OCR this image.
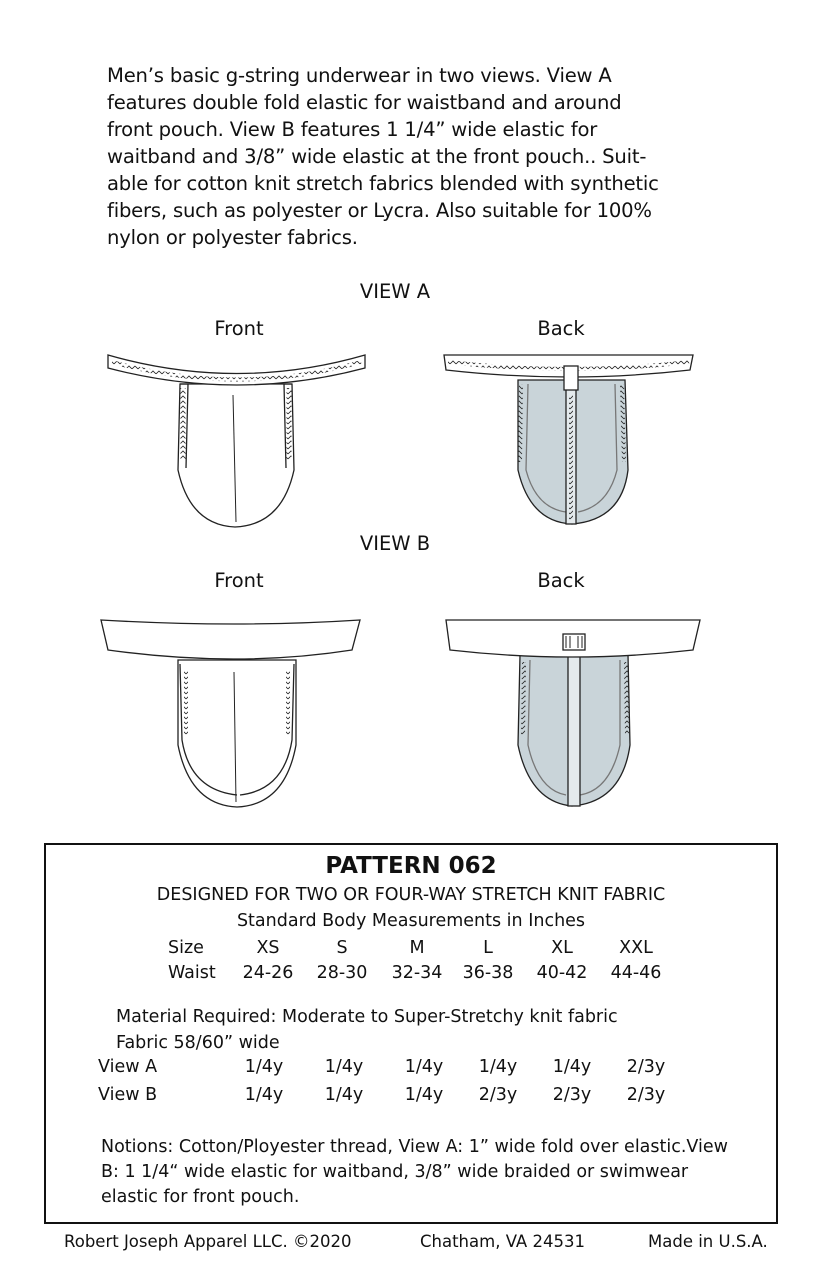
Men’s basic g-string underwear in two views. View A
features double fold elastic for waistband and around
front pouch. View B features 1 1/4” wide elastic for
waitband and 3/8” wide elastic at the front pouch.. Suit-
able for cotton knit stretch fabrics blended with synthetic
fibers, such as polyester or Lycra. Also suitable for 100%
nylon or polyester fabrics.
VIEW A
Front	Back
VIEW B
Front	Back
PATTERN 062
DESIGNED FOR TWO OR FOUR-WAY STRETCH KNIT FABRIC
Standard Body Measurements in Inches
Size	XS	S	M	L	XL	XXL
Waist 24-26 28-30 32-34 36-38 40-42 44-46
Material Required: Moderate to Super-Stretchy knit fabric
Fabric 58/60” wide
View A	1/4y 1/4y 1/4y 1/4y 1/4y 2/3y
View B	1/4y 1/4y 1/4y 2/3y 2/3y 2/3y
Notions: Cotton/Ployester thread, View A: 1” wide fold over elastic.View
B: 1 1/4“ wide elastic for waitband, 3/8” wide braided or swimwear
elastic for front pouch.
Robert Joseph Apparel LLC. ©2020	Chatham, VA 24531	Made in U.S.A.
